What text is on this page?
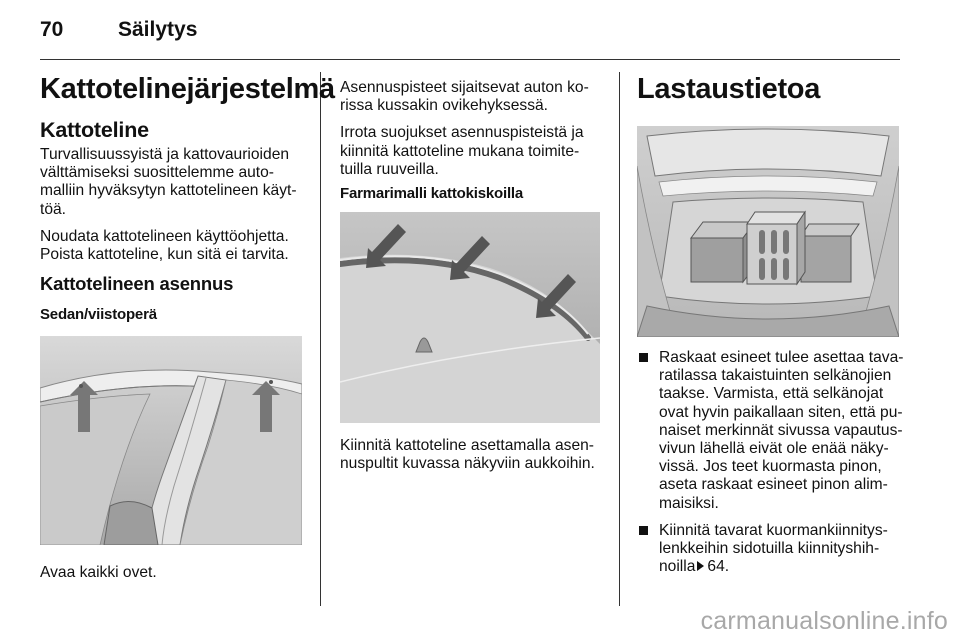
70	Säilytys
Kattotelinejärjestelmä
Kattoteline

Turvallisuussyistä ja kattovaurioiden
välttämiseksi suosittelemme auto-
malliin hyväksytyn kattotelineen käyt-
töä.

Noudata kattotelineen käyttöohjetta.
Poista kattoteline, kun sitä ei tarvita.

Kattotelineen asennus
Sedan/viistoperä
Avaa kaikki ovet.

Asennuspisteet sijaitsevat auton ko-
rissa kussakin ovikehyksessä.

Irrota suojukset asennuspisteistä ja
kiinnitä kattoteline mukana toimite-
tuilla ruuveilla.

Farmarimalli kattokiskoilla
Kiinnitä kattoteline asettamalla asen-
nuspultit kuvassa näkyviin aukkoihin.
Lastaustietoa
Raskaat esineet tulee asettaa tava-
ratilassa takaistuinten selkänojien
taakse. Varmista, että selkänojat
ovat hyvin paikallaan siten, että pu-
naiset merkinnät sivussa vapautus-
vivun lähellä eivät ole enää näky-
vissä. Jos teet kuormasta pinon,
aseta raskaat esineet pinon alim-
maisiksi.
Kiinnitä tavarat kuormankiinnitys-
lenkkeihin sidotuilla kiinnityshih-
noilla 64.
carmanualsonline.info
